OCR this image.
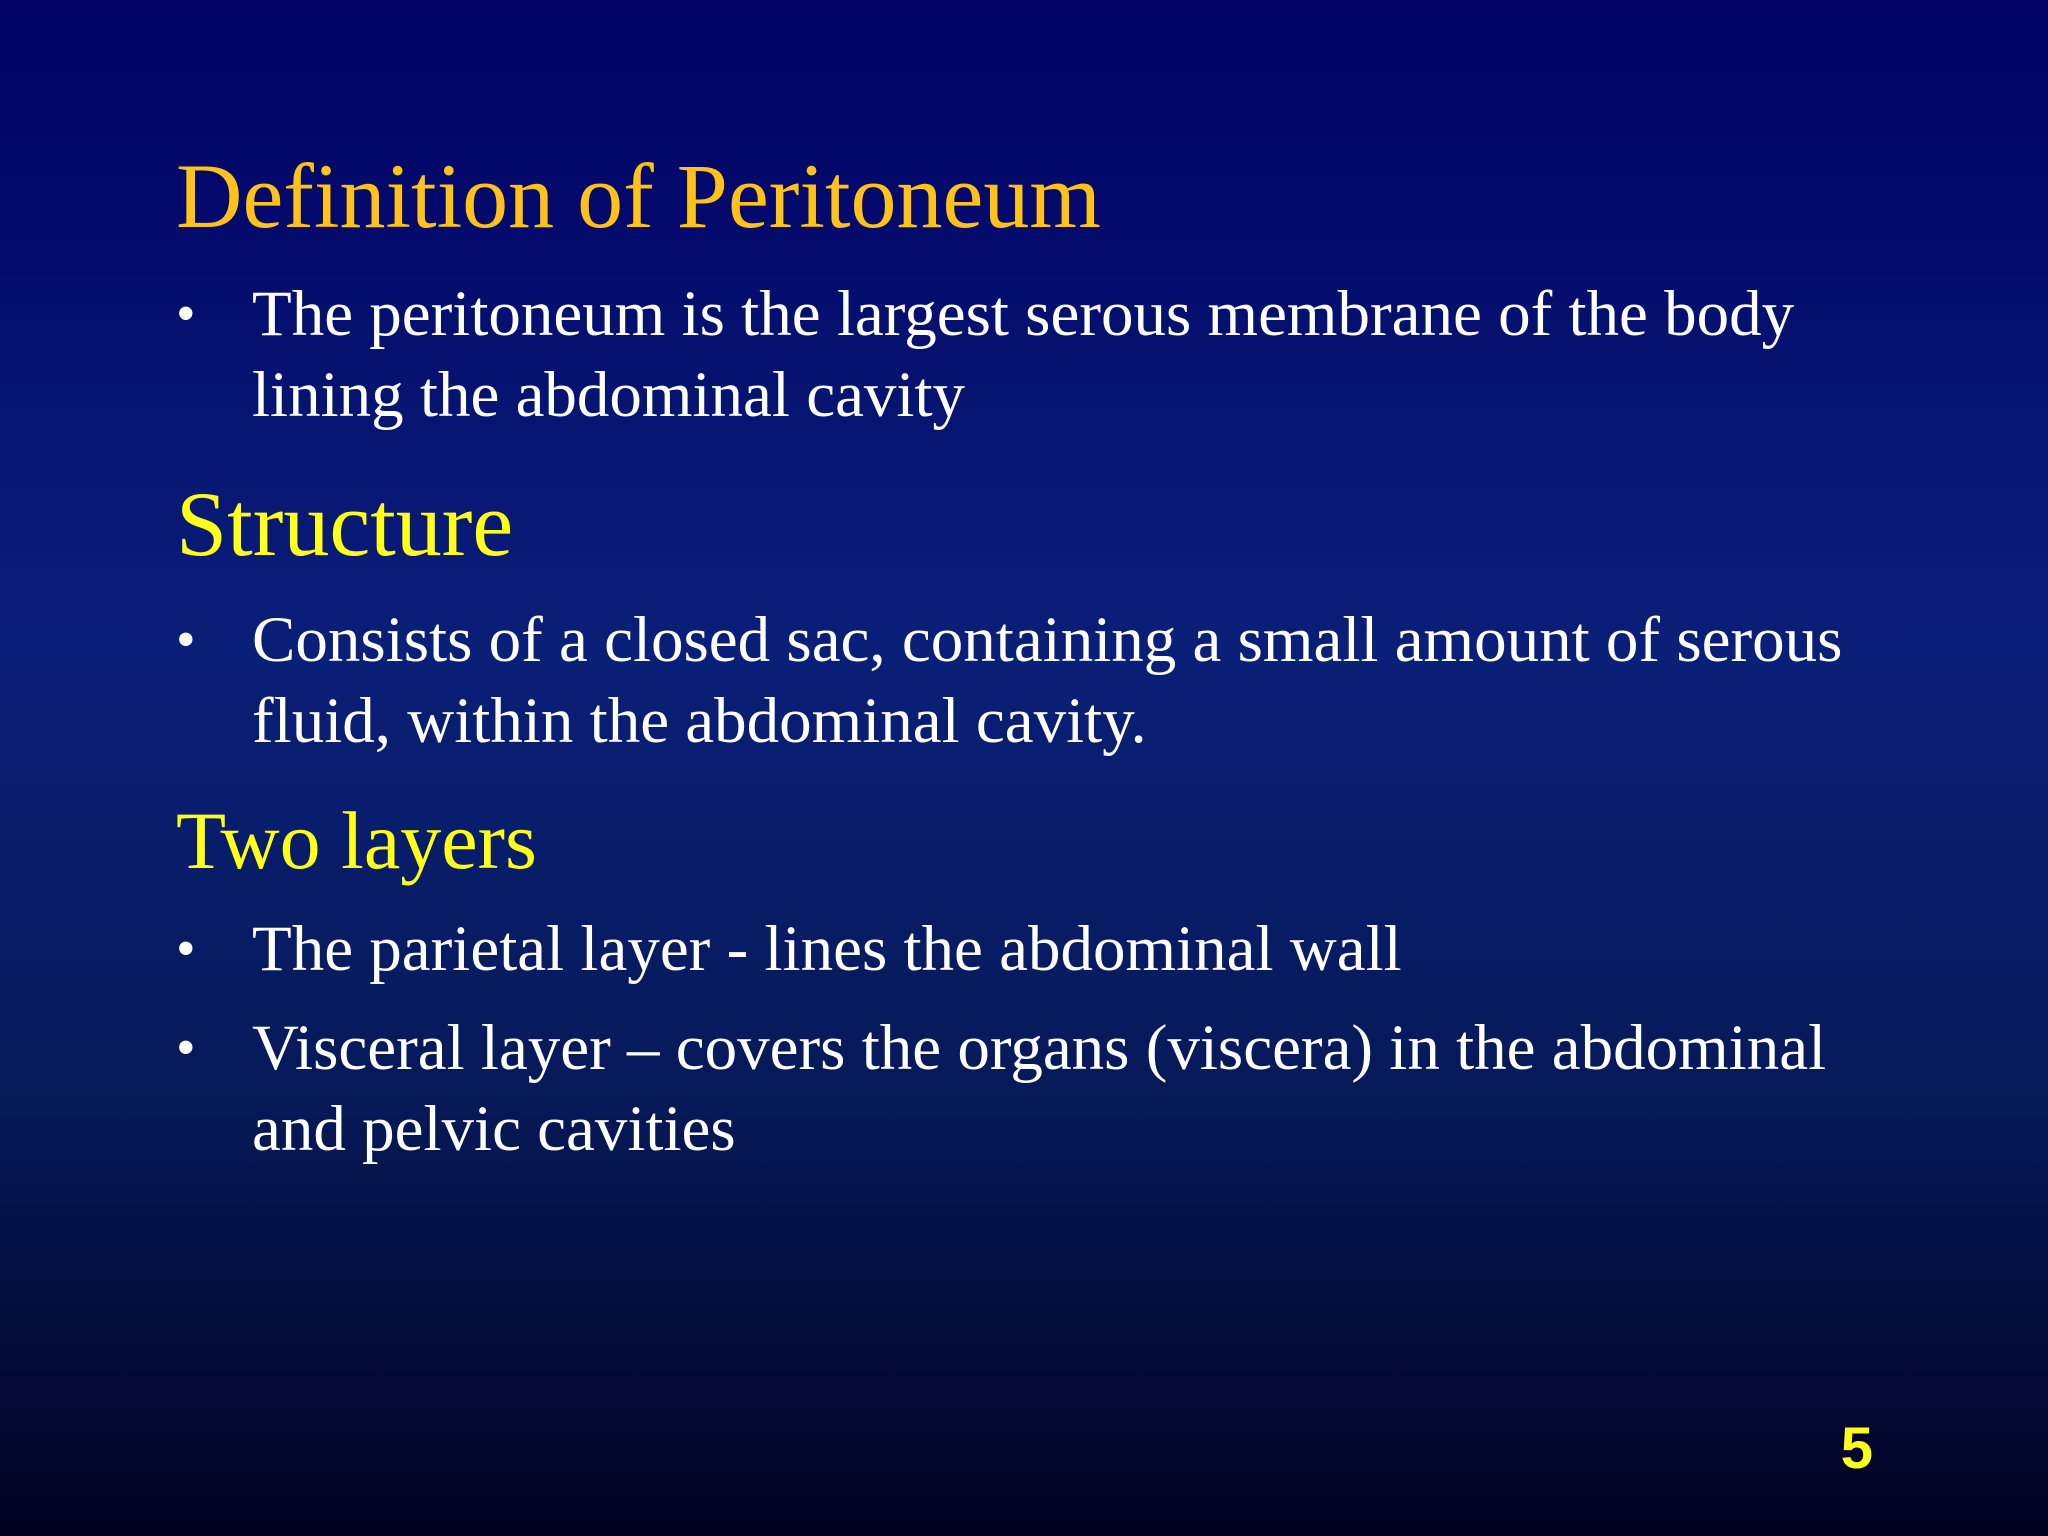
Definition of Peritoneum
• The peritoneum is the largest serous membrane of the body lining the abdominal cavity
Structure
• Consists of a closed sac, containing a small amount of serous fluid, within the abdominal cavity.
Two layers
• The parietal layer - lines the abdominal wall
• Visceral layer – covers the organs (viscera) in the abdominal and pelvic cavities
5
